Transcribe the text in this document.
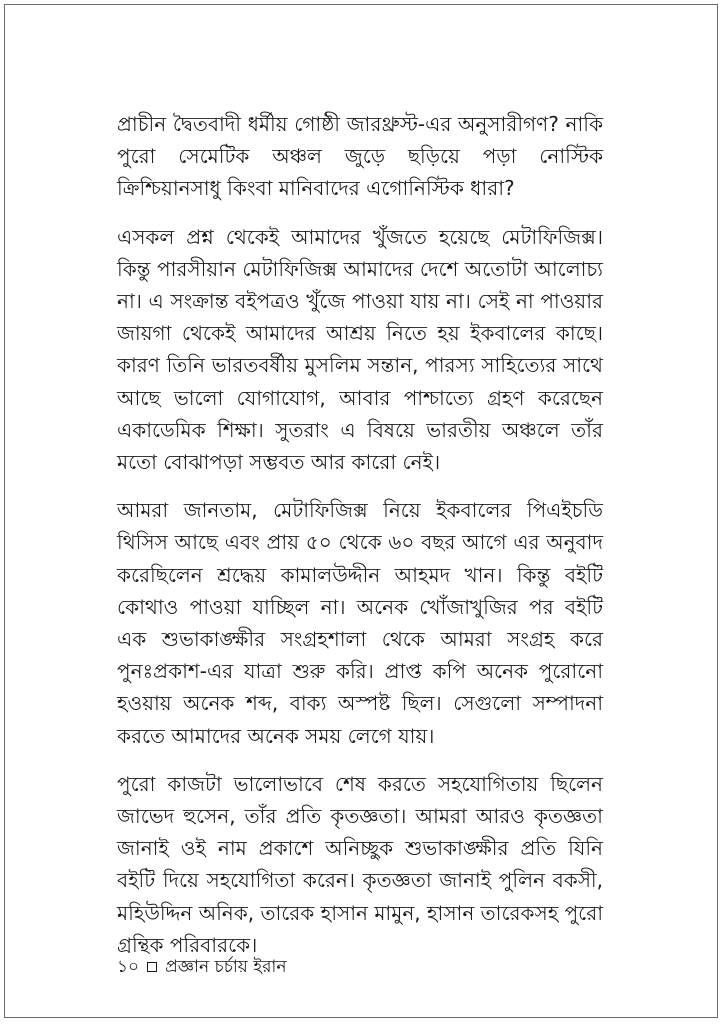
প্রাচীন দ্বৈতবাদী ধর্মীয় গোষ্ঠী জারথ্রুস্ট-এর অনুসারীগণ? নাকি পুরো সেমেটিক অঞ্চল জুড়ে ছড়িয়ে পড়া নোস্টিক ক্রিশ্চিয়ানসাধু কিংবা মানিবাদের এগোনিস্টিক ধারা?

এসকল প্রশ্ন থেকেই আমাদের খুঁজতে হয়েছে মেটাফিজিক্স। কিন্তু পারসীয়ান মেটাফিজিক্স আমাদের দেশে অতোটা আলোচ্য না। এ সংক্রান্ত বইপত্রও খুঁজে পাওয়া যায় না। সেই না পাওয়ার জায়গা থেকেই আমাদের আশ্রয় নিতে হয় ইকবালের কাছে। কারণ তিনি ভারতবর্ষীয় মুসলিম সন্তান, পারস্য সাহিত্যের সাথে আছে ভালো যোগাযোগ, আবার পাশ্চাত্যে গ্রহণ করেছেন একাডেমিক শিক্ষা। সুতরাং এ বিষয়ে ভারতীয় অঞ্চলে তাঁর মতো বোঝাপড়া সম্ভবত আর কারো নেই।

আমরা জানতাম, মেটাফিজিক্স নিয়ে ইকবালের পিএইচডি থিসিস আছে এবং প্রায় ৫০ থেকে ৬০ বছর আগে এর অনুবাদ করেছিলেন শ্রদ্ধেয় কামালউদ্দীন আহমদ খান। কিন্তু বইটি কোথাও পাওয়া যাচ্ছিল না। অনেক খোঁজাখুজির পর বইটি এক শুভাকাঙ্ক্ষীর সংগ্রহশালা থেকে আমরা সংগ্রহ করে পুনঃপ্রকাশ-এর যাত্রা শুরু করি। প্রাপ্ত কপি অনেক পুরোনো হওয়ায় অনেক শব্দ, বাক্য অস্পষ্ট ছিল। সেগুলো সম্পাদনা করতে আমাদের অনেক সময় লেগে যায়।

পুরো কাজটা ভালোভাবে শেষ করতে সহযোগিতায় ছিলেন জাভেদ হুসেন, তাঁর প্রতি কৃতজ্ঞতা। আমরা আরও কৃতজ্ঞতা জানাই ওই নাম প্রকাশে অনিচ্ছুক শুভাকাঙ্ক্ষীর প্রতি যিনি বইটি দিয়ে সহযোগিতা করেন। কৃতজ্ঞতা জানাই পুলিন বকসী, মহিউদ্দিন অনিক, তারেক হাসান মামুন, হাসান তারেকসহ পুরো গ্রন্থিক পরিবারকে।

১০ প্রজ্ঞান চর্চায় ইরান
